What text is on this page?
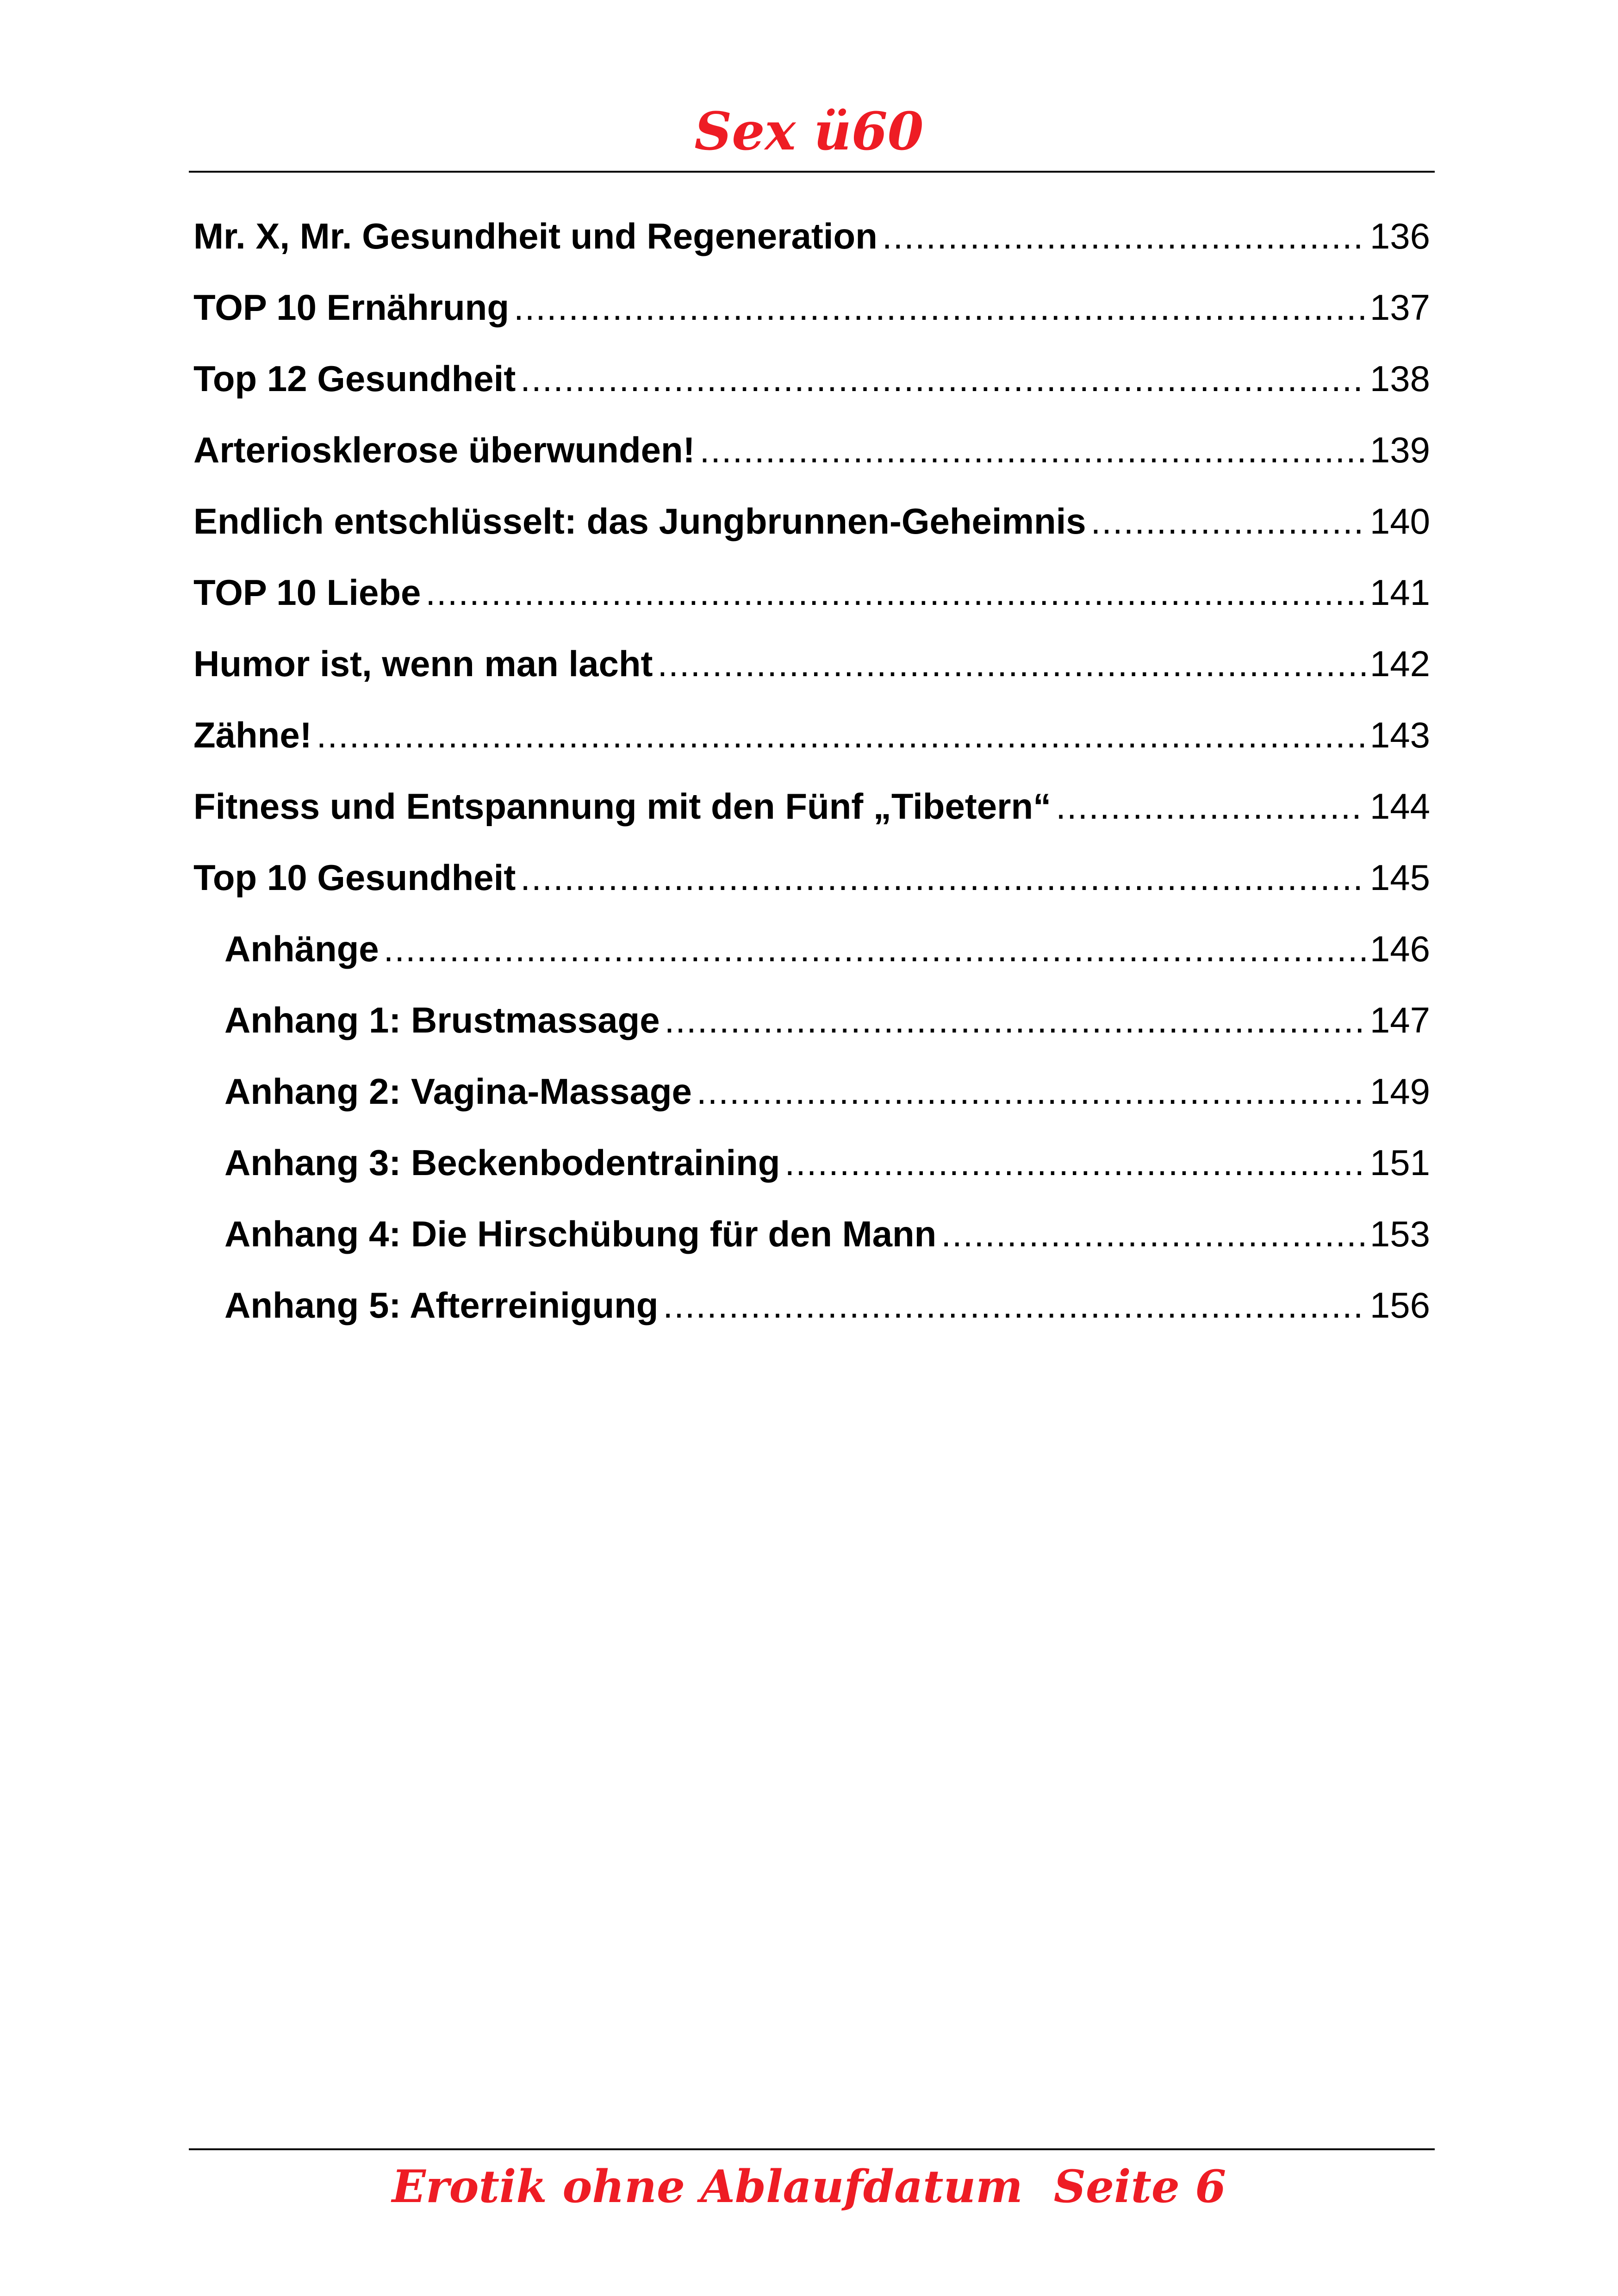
Sex ü60
Mr. X, Mr. Gesundheit und Regeneration .....	136
TOP 10 Ernährung .....	137
Top 12 Gesundheit .....	138
Arteriosklerose überwunden! .....	139
Endlich entschlüsselt: das Jungbrunnen-Geheimnis .....	140
TOP 10 Liebe .....	141
Humor ist, wenn man lacht .....	142
Zähne! .....	143
Fitness und Entspannung mit den Fünf „Tibetern“ .....	144
Top 10 Gesundheit .....	145
Anhänge .....	146
Anhang 1: Brustmassage .....	147
Anhang 2: Vagina-Massage .....	149
Anhang 3: Beckenbodentraining .....	151
Anhang 4: Die Hirschübung für den Mann .....	153
Anhang 5: Afterreinigung .....	156
Erotik ohne Ablaufdatum  Seite 6
